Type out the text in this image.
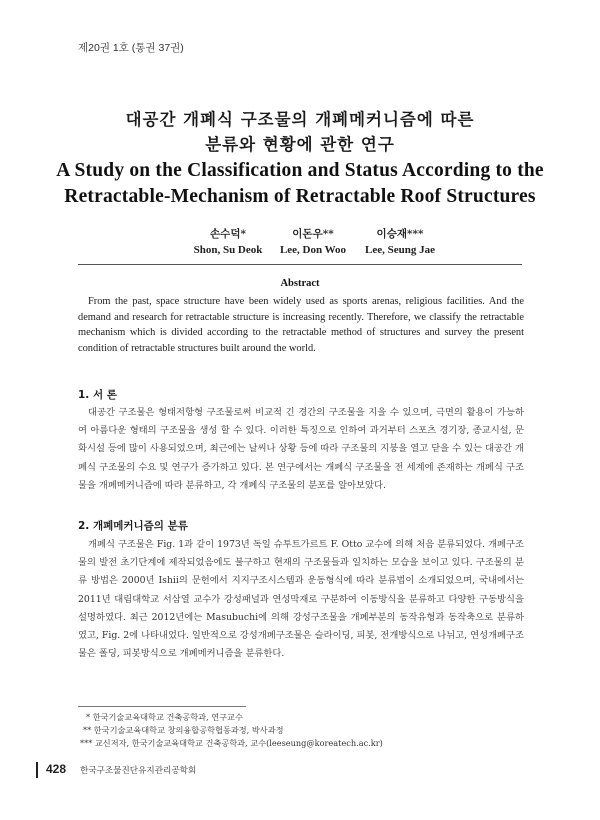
제20권 1호 (통권 37권)
대공간 개폐식 구조물의 개폐메커니즘에 따른
분류와 현황에 관한 연구
A Study on the Classification and Status According to the
Retractable-Mechanism of Retractable Roof Structures
손수덕*
Shon, Su Deok
이돈우**
Lee, Don Woo
이승재***
Lee, Seung Jae
Abstract
From the past, space structure have been widely used as sports arenas, religious facilities. And the demand and research for retractable structure is increasing recently. Therefore, we classify the retractable mechanism which is divided according to the retractable method of structures and survey the present condition of retractable structures built around the world.
1. 서 론
대공간 구조물은 형태저항형 구조물로써 비교적 긴 경간의 구조물을 지을 수 있으며, 극면의 활용이 가능하여 아름다운 형태의 구조물을 생성 할 수 있다. 이러한 특징으로 인하여 과거부터 스포츠 경기장, 종교시설, 문화시설 등에 많이 사용되었으며, 최근에는 날씨나 상황 등에 따라 구조물의 지붕을 열고 닫을 수 있는 대공간 개폐식 구조물의 수요 및 연구가 증가하고 있다. 본 연구에서는 개폐식 구조물을 전 세계에 존재하는 개폐식 구조물을 개폐메커니즘에 따라 분류하고, 각 개폐식 구조물의 분포를 알아보았다.
2. 개폐메커니즘의 분류
개폐식 구조물은 Fig. 1과 같이 1973년 독일 슈투트가르트 F. Otto 교수에 의해 처음 분류되었다. 개폐구조물의 발전 초기단계에 제작되었음에도 불구하고 현재의 구조물들과 일치하는 모습을 보이고 있다. 구조물의 분류 방법은 2000년 Ishii의 문헌에서 지지구조시스템과 운동형식에 따라 분류법이 소개되었으며, 국내에서는 2011년 대림대학교 서삼열 교수가 강성패널과 연성막재로 구분하여 이동방식을 분류하고 다양한 구동방식을 설명하였다. 최근 2012년에는 Masubuchi에 의해 강성구조물을 개폐부분의 동작유형과 동작축으로 분류하였고, Fig. 2에 나타내었다. 일반적으로 강성개폐구조물은 슬라이딩, 피봇, 전개방식으로 나뉘고, 연성개폐구조물은 폴딩, 피봇방식으로 개폐메커니즘을 분류한다.
* 한국기술교육대학교 건축공학과, 연구교수
** 한국기술교육대학교 창의융합공학협동과정, 박사과정
*** 교신저자, 한국기술교육대학교 건축공학과, 교수(leeseung@koreatech.ac.kr)
428 한국구조물진단유지관리공학회
